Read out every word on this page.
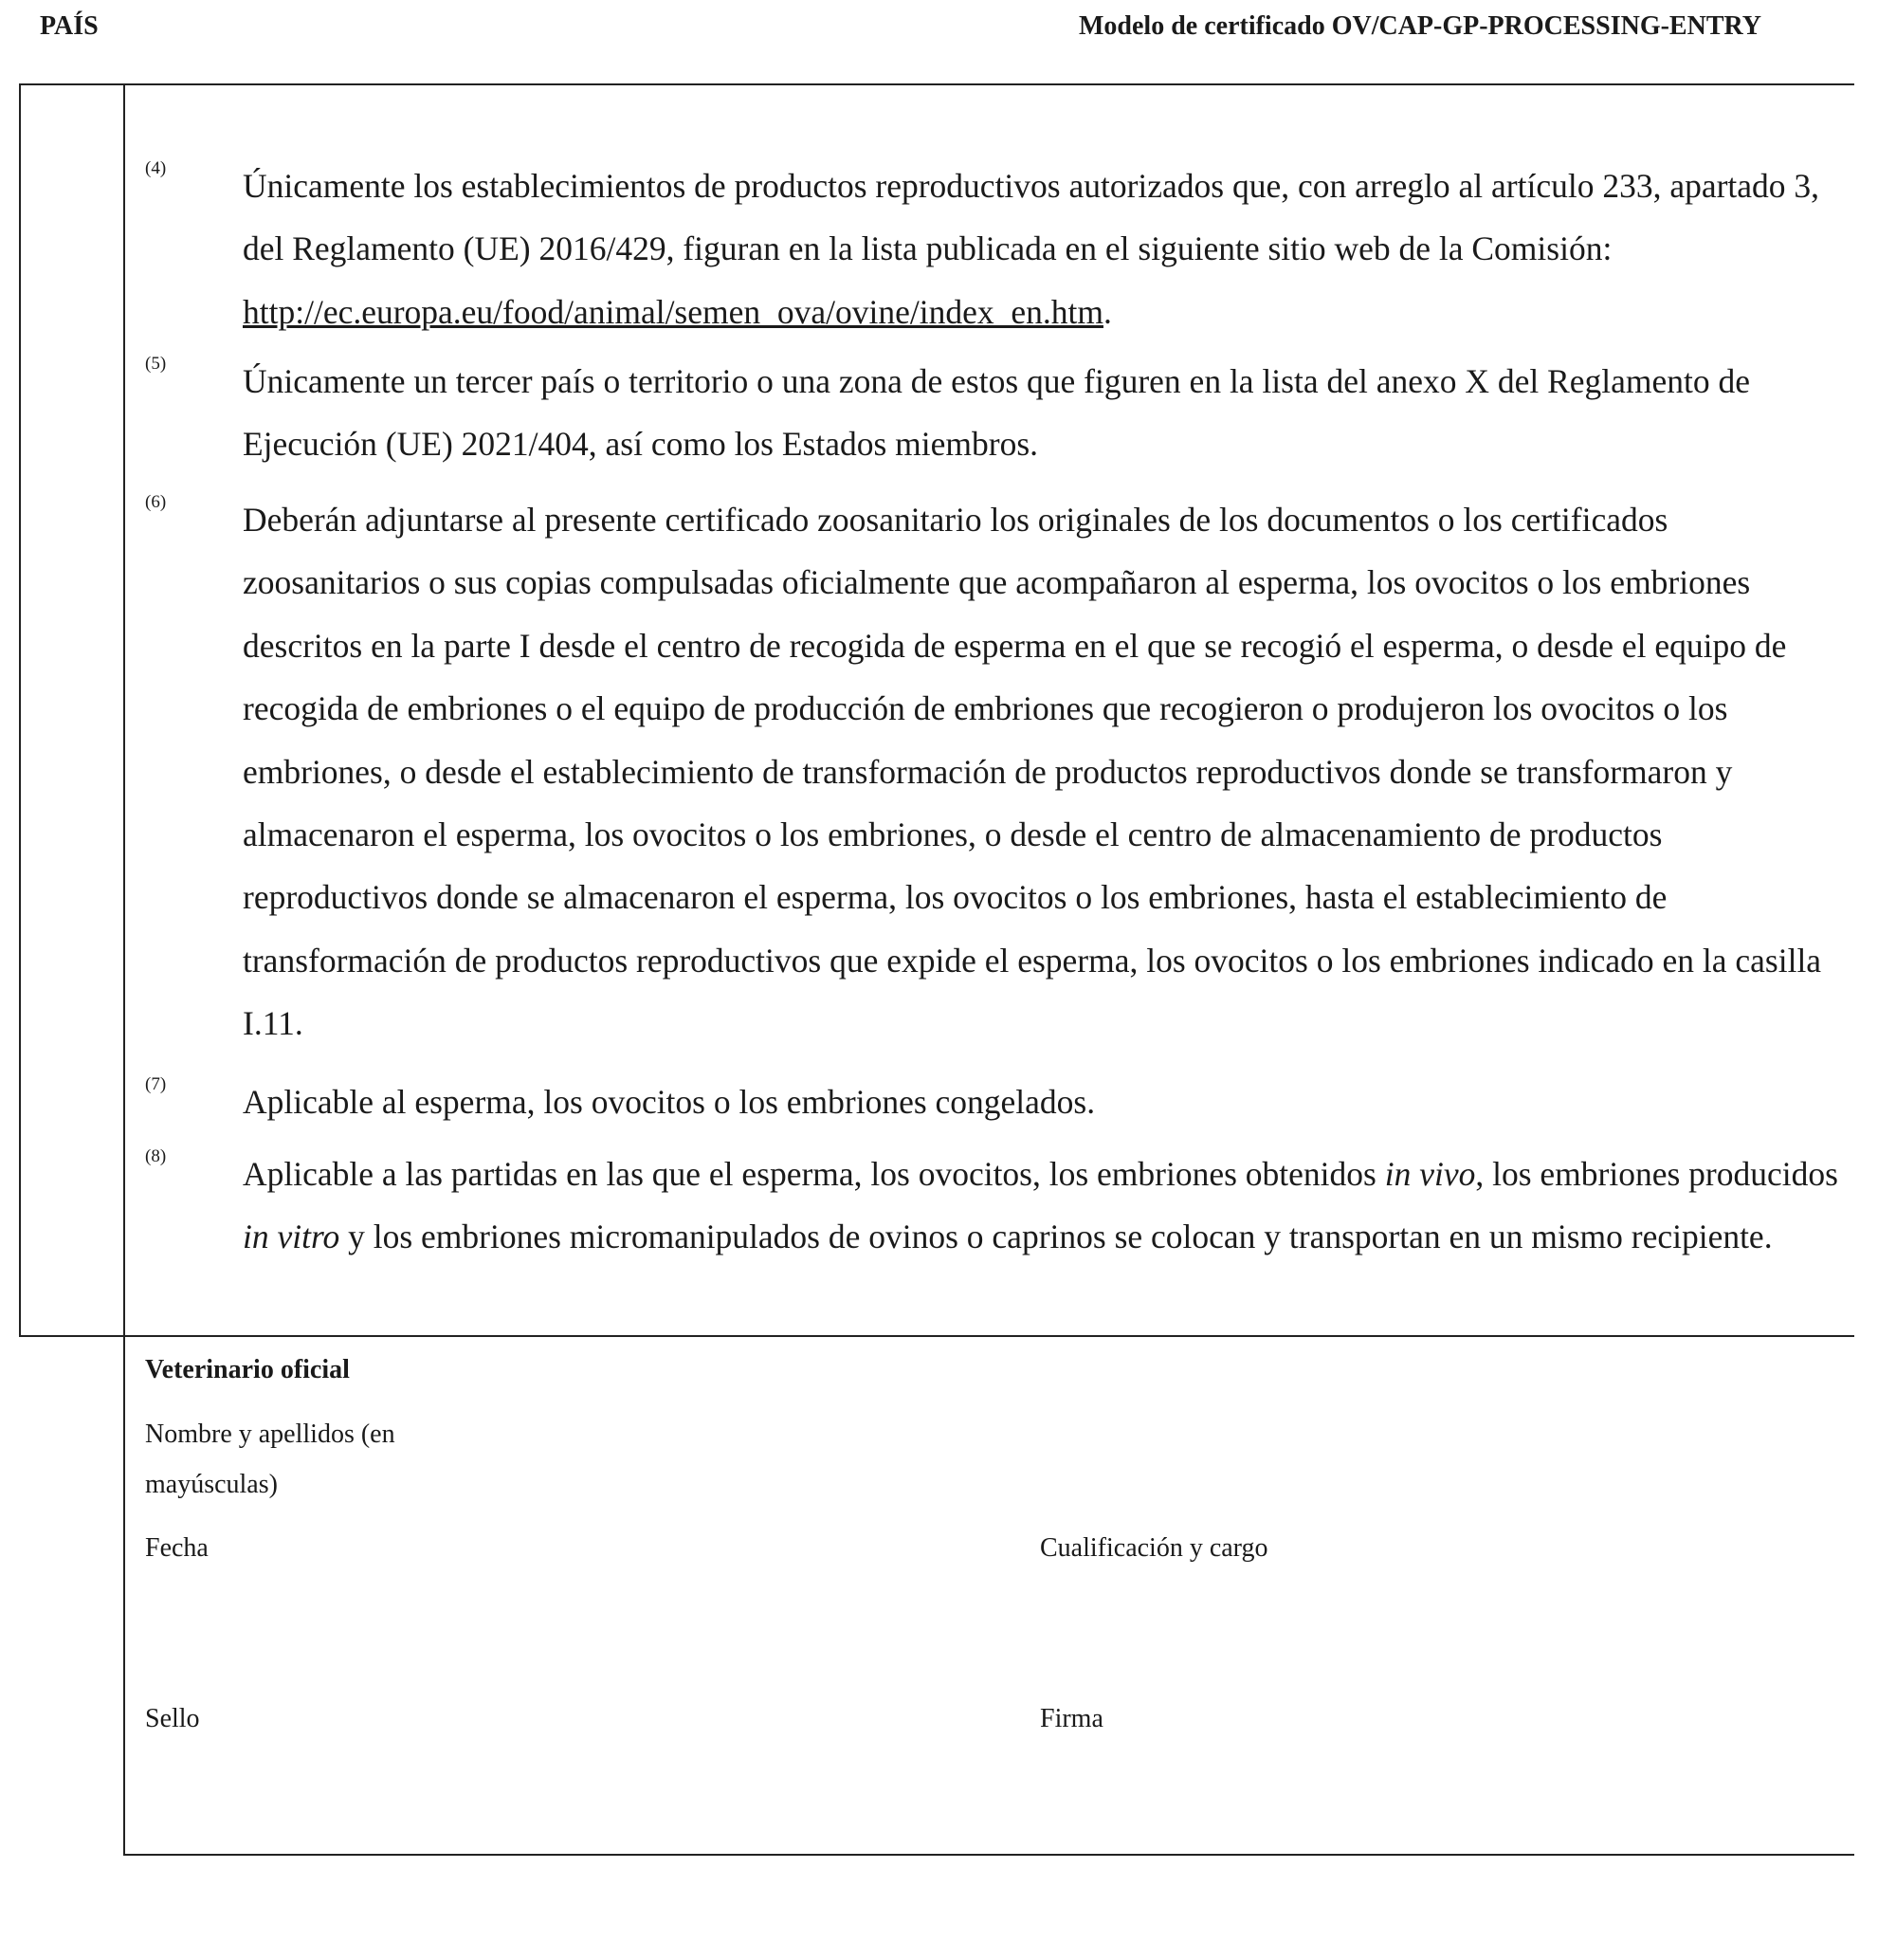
PAÍS	Modelo de certificado OV/CAP-GP-PROCESSING-ENTRY
(4) Únicamente los establecimientos de productos reproductivos autorizados que, con arreglo al artículo 233, apartado 3, del Reglamento (UE) 2016/429, figuran en la lista publicada en el siguiente sitio web de la Comisión: http://ec.europa.eu/food/animal/semen_ova/ovine/index_en.htm.
(5) Únicamente un tercer país o territorio o una zona de estos que figuren en la lista del anexo X del Reglamento de Ejecución (UE) 2021/404, así como los Estados miembros.
(6) Deberán adjuntarse al presente certificado zoosanitario los originales de los documentos o los certificados zoosanitarios o sus copias compulsadas oficialmente que acompañaron al esperma, los ovocitos o los embriones descritos en la parte I desde el centro de recogida de esperma en el que se recogió el esperma, o desde el equipo de recogida de embriones o el equipo de producción de embriones que recogieron o produjeron los ovocitos o los embriones, o desde el establecimiento de transformación de productos reproductivos donde se transformaron y almacenaron el esperma, los ovocitos o los embriones, o desde el centro de almacenamiento de productos reproductivos donde se almacenaron el esperma, los ovocitos o los embriones, hasta el establecimiento de transformación de productos reproductivos que expide el esperma, los ovocitos o los embriones indicado en la casilla I.11.
(7) Aplicable al esperma, los ovocitos o los embriones congelados.
(8) Aplicable a las partidas en las que el esperma, los ovocitos, los embriones obtenidos in vivo, los embriones producidos in vitro y los embriones micromanipulados de ovinos o caprinos se colocan y transportan en un mismo recipiente.
Veterinario oficial
Nombre y apellidos (en mayúsculas)
Fecha	Cualificación y cargo
Sello	Firma
